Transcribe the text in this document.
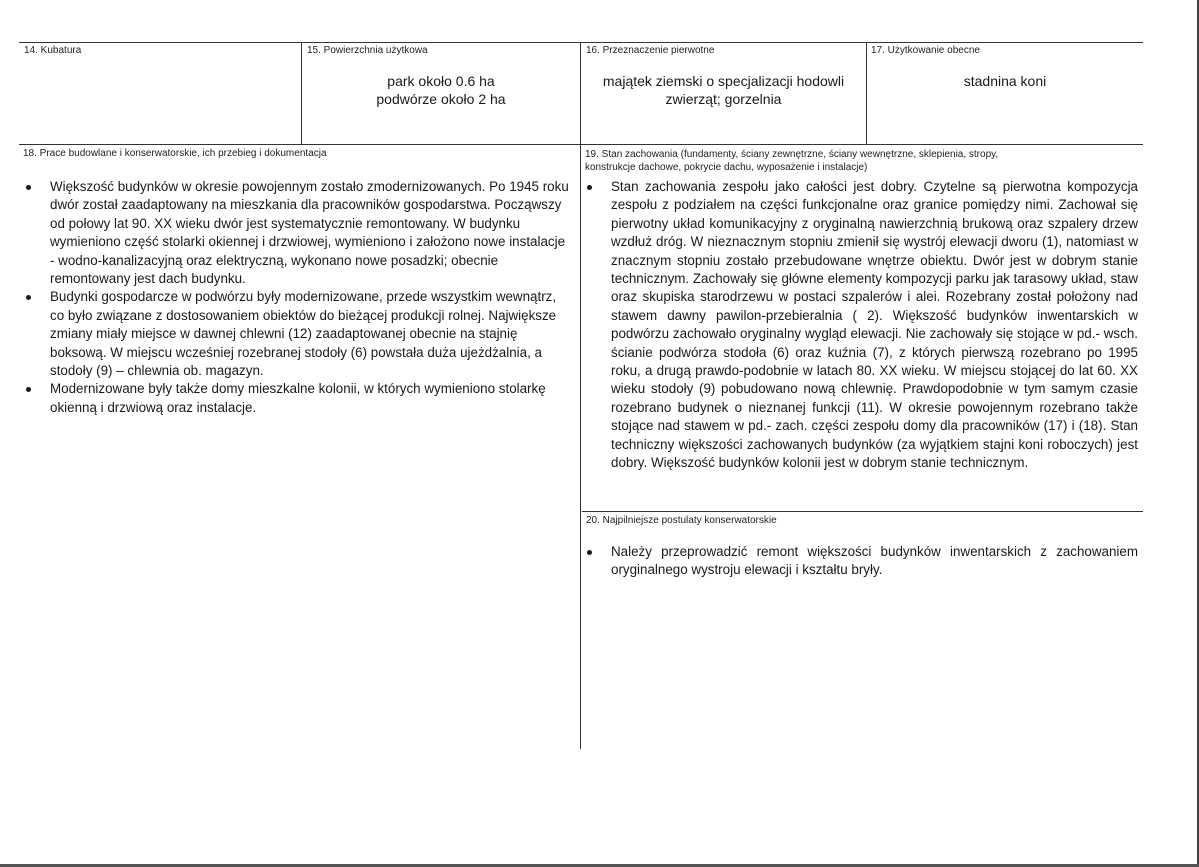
14. Kubatura	15. Powierzchnia użytkowa
park około 0.6 ha
podwórze około 2 ha
16. Przeznaczenie pierwotne
majątek ziemski o specjalizacji hodowli
zwierząt; gorzelnia
17. Użytkowanie obecne
stadnina koni
18. Prace budowlane i konserwatorskie, ich przebieg i dokumentacja
Większość budynków w okresie powojennym zostało zmodernizowanych. Po 1945 roku dwór został zaadaptowany na mieszkania dla pracowników gospodarstwa. Począwszy od połowy lat 90. XX wieku dwór jest systematycznie remontowany. W budynku wymieniono część stolarki okiennej i drzwiowej, wymieniono i założono nowe instalacje - wodno-kanalizacyjną oraz elektryczną, wykonano nowe posadzki; obecnie remontowany jest dach budynku.
Budynki gospodarcze w podwórzu były modernizowane, przede wszystkim wewnątrz, co było związane z dostosowaniem obiektów do bieżącej produkcji rolnej. Największe zmiany miały miejsce w dawnej chlewni (12) zaadaptowanej obecnie na stajnię boksową. W miejscu wcześniej rozebranej stodoły (6) powstała duża ujeżdżalnia, a stodoły (9) – chlewnia ob. magazyn.
Modernizowane były także domy mieszkalne kolonii, w których wymieniono stolarkę okienną i drzwiową oraz instalacje.
19. Stan zachowania (fundamenty, ściany zewnętrzne, ściany wewnętrzne, sklepienia, stropy,
konstrukcje dachowe, pokrycie dachu, wyposażenie i instalacje)
Stan zachowania zespołu jako całości jest dobry. Czytelne są pierwotna kompozycja zespołu z podziałem na części funkcjonalne oraz granice pomiędzy nimi. Zachował się pierwotny układ komunikacyjny z oryginalną nawierzchnią brukową oraz szpalery drzew wzdłuż dróg. W nieznacznym stopniu zmienił się wystrój elewacji dworu (1), natomiast w znacznym stopniu zostało przebudowane wnętrze obiektu. Dwór jest w dobrym stanie technicznym. Zachowały się główne elementy kompozycji parku jak tarasowy układ, staw oraz skupiska starodrzewu w postaci szpalerów i alei. Rozebrany został położony nad stawem dawny pawilon-przebieralnia ( 2). Większość budynków inwentarskich w podwórzu zachowało oryginalny wygląd elewacji. Nie zachowały się stojące w pd.- wsch. ścianie podwórza stodoła (6) oraz kuźnia (7), z których pierwszą rozebrano po 1995 roku, a drugą prawdo-podobnie w latach 80. XX wieku. W miejscu stojącej do lat 60. XX wieku stodoły (9) pobudowano nową chlewnię. Prawdopodobnie w tym samym czasie rozebrano budynek o nieznanej funkcji (11). W okresie powojennym rozebrano także stojące nad stawem w pd.- zach. części zespołu domy dla pracowników (17) i (18). Stan techniczny większości zachowanych budynków (za wyjątkiem stajni koni roboczych) jest dobry. Większość budynków kolonii jest w dobrym stanie technicznym.
20. Najpilniejsze postulaty konserwatorskie
Należy przeprowadzić remont większości budynków inwentarskich z zachowaniem oryginalnego wystroju elewacji i kształtu bryły.
